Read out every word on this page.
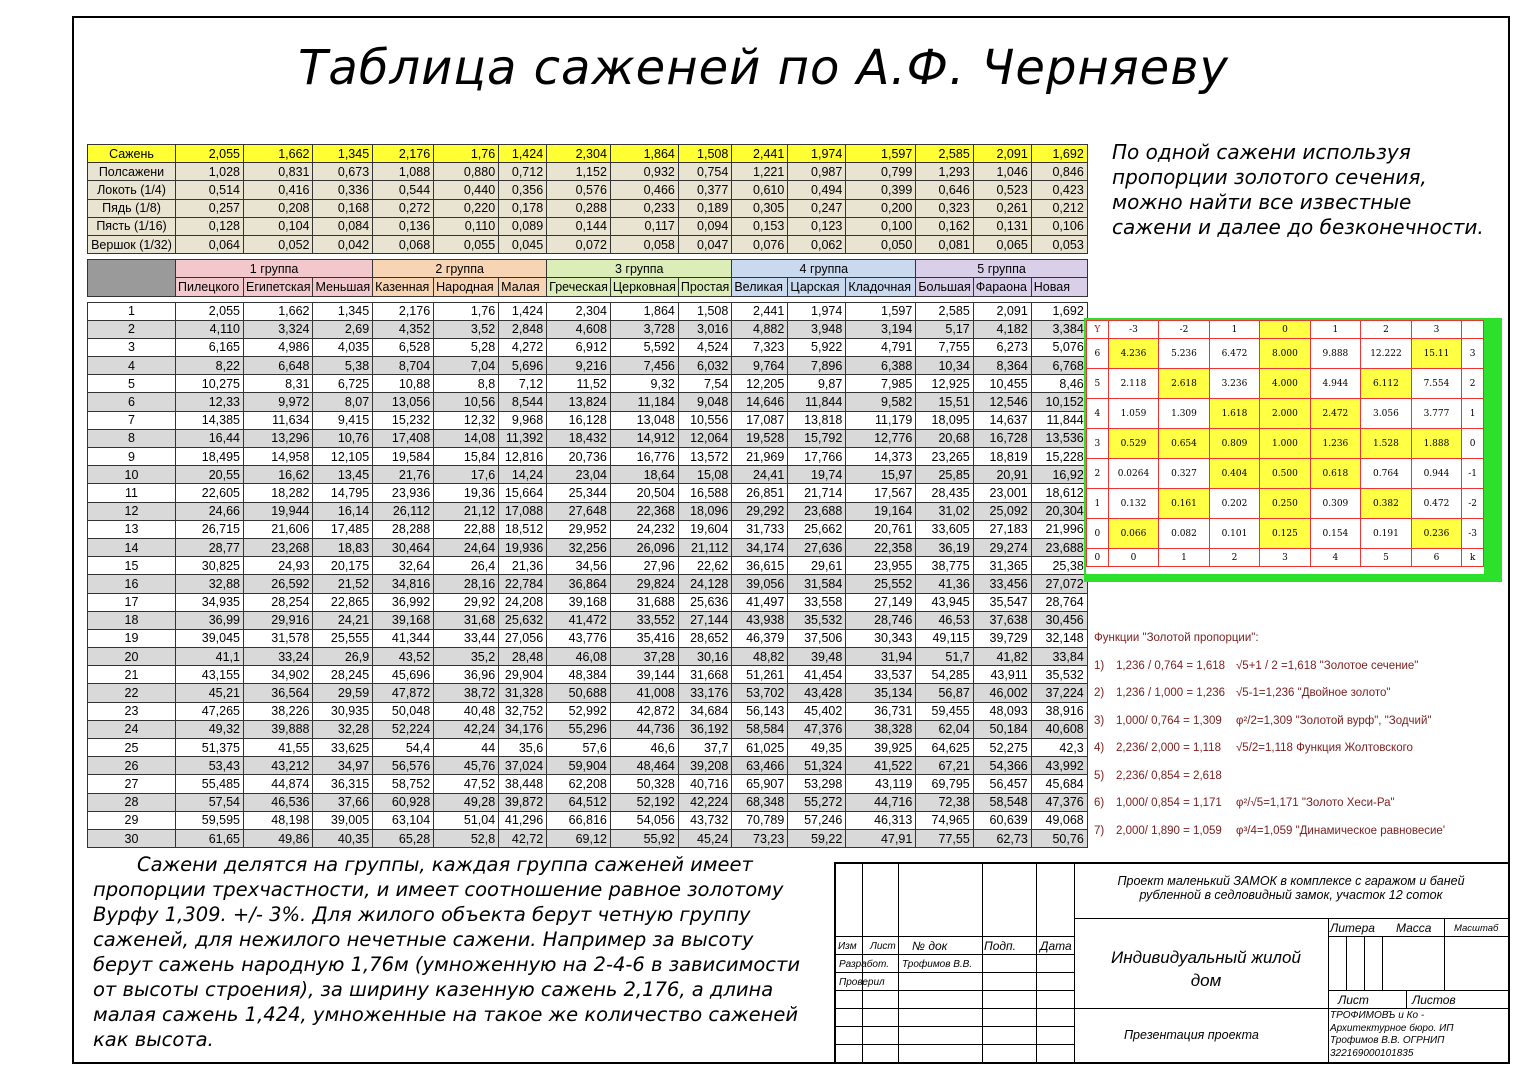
Таблица саженей по А.Ф. Черняеву
Сажень	2,055	1,662	1,345	2,176	1,76	1,424	2,304	1,864	1,508	2,441	1,974	1,597	2,585	2,091	1,692
Полсажени	1,028	0,831	0,673	1,088	0,880	0,712	1,152	0,932	0,754	1,221	0,987	0,799	1,293	1,046	0,846
Локоть (1/4)	0,514	0,416	0,336	0,544	0,440	0,356	0,576	0,466	0,377	0,610	0,494	0,399	0,646	0,523	0,423
Пядь (1/8)	0,257	0,208	0,168	0,272	0,220	0,178	0,288	0,233	0,189	0,305	0,247	0,200	0,323	0,261	0,212
Пясть (1/16)	0,128	0,104	0,084	0,136	0,110	0,089	0,144	0,117	0,094	0,153	0,123	0,100	0,162	0,131	0,106
Вершок (1/32)	0,064	0,052	0,042	0,068	0,055	0,045	0,072	0,058	0,047	0,076	0,062	0,050	0,081	0,065	0,053

	1 группа			2 группа			3 группа			4 группа			5 группа		
	Пилецкого	Египетская	Меньшая	Казенная	Народная	Малая	Греческая	Церковная	Простая	Великая	Царская	Кладочная	Большая	Фараона	Новая

1	2,055	1,662	1,345	2,176	1,76	1,424	2,304	1,864	1,508	2,441	1,974	1,597	2,585	2,091	1,692
2	4,110	3,324	2,69	4,352	3,52	2,848	4,608	3,728	3,016	4,882	3,948	3,194	5,17	4,182	3,384
3	6,165	4,986	4,035	6,528	5,28	4,272	6,912	5,592	4,524	7,323	5,922	4,791	7,755	6,273	5,076
4	8,22	6,648	5,38	8,704	7,04	5,696	9,216	7,456	6,032	9,764	7,896	6,388	10,34	8,364	6,768
5	10,275	8,31	6,725	10,88	8,8	7,12	11,52	9,32	7,54	12,205	9,87	7,985	12,925	10,455	8,46
6	12,33	9,972	8,07	13,056	10,56	8,544	13,824	11,184	9,048	14,646	11,844	9,582	15,51	12,546	10,152
7	14,385	11,634	9,415	15,232	12,32	9,968	16,128	13,048	10,556	17,087	13,818	11,179	18,095	14,637	11,844
8	16,44	13,296	10,76	17,408	14,08	11,392	18,432	14,912	12,064	19,528	15,792	12,776	20,68	16,728	13,536
9	18,495	14,958	12,105	19,584	15,84	12,816	20,736	16,776	13,572	21,969	17,766	14,373	23,265	18,819	15,228
10	20,55	16,62	13,45	21,76	17,6	14,24	23,04	18,64	15,08	24,41	19,74	15,97	25,85	20,91	16,92
11	22,605	18,282	14,795	23,936	19,36	15,664	25,344	20,504	16,588	26,851	21,714	17,567	28,435	23,001	18,612
12	24,66	19,944	16,14	26,112	21,12	17,088	27,648	22,368	18,096	29,292	23,688	19,164	31,02	25,092	20,304
13	26,715	21,606	17,485	28,288	22,88	18,512	29,952	24,232	19,604	31,733	25,662	20,761	33,605	27,183	21,996
14	28,77	23,268	18,83	30,464	24,64	19,936	32,256	26,096	21,112	34,174	27,636	22,358	36,19	29,274	23,688
15	30,825	24,93	20,175	32,64	26,4	21,36	34,56	27,96	22,62	36,615	29,61	23,955	38,775	31,365	25,38
16	32,88	26,592	21,52	34,816	28,16	22,784	36,864	29,824	24,128	39,056	31,584	25,552	41,36	33,456	27,072
17	34,935	28,254	22,865	36,992	29,92	24,208	39,168	31,688	25,636	41,497	33,558	27,149	43,945	35,547	28,764
18	36,99	29,916	24,21	39,168	31,68	25,632	41,472	33,552	27,144	43,938	35,532	28,746	46,53	37,638	30,456
19	39,045	31,578	25,555	41,344	33,44	27,056	43,776	35,416	28,652	46,379	37,506	30,343	49,115	39,729	32,148
20	41,1	33,24	26,9	43,52	35,2	28,48	46,08	37,28	30,16	48,82	39,48	31,94	51,7	41,82	33,84
21	43,155	34,902	28,245	45,696	36,96	29,904	48,384	39,144	31,668	51,261	41,454	33,537	54,285	43,911	35,532
22	45,21	36,564	29,59	47,872	38,72	31,328	50,688	41,008	33,176	53,702	43,428	35,134	56,87	46,002	37,224
23	47,265	38,226	30,935	50,048	40,48	32,752	52,992	42,872	34,684	56,143	45,402	36,731	59,455	48,093	38,916
24	49,32	39,888	32,28	52,224	42,24	34,176	55,296	44,736	36,192	58,584	47,376	38,328	62,04	50,184	40,608
25	51,375	41,55	33,625	54,4	44	35,6	57,6	46,6	37,7	61,025	49,35	39,925	64,625	52,275	42,3
26	53,43	43,212	34,97	56,576	45,76	37,024	59,904	48,464	39,208	63,466	51,324	41,522	67,21	54,366	43,992
27	55,485	44,874	36,315	58,752	47,52	38,448	62,208	50,328	40,716	65,907	53,298	43,119	69,795	56,457	45,684
28	57,54	46,536	37,66	60,928	49,28	39,872	64,512	52,192	42,224	68,348	55,272	44,716	72,38	58,548	47,376
29	59,595	48,198	39,005	63,104	51,04	41,296	66,816	54,056	43,732	70,789	57,246	46,313	74,965	60,639	49,068
30	61,65	49,86	40,35	65,28	52,8	42,72	69,12	55,92	45,24	73,23	59,22	47,91	77,55	62,73	50,76
По одной сажени используя пропорции золотого сечения, можно найти все известные сажени и далее до безконечности.
Y	-3	-2	1	0	1	2	3	
6	4.236	5.236	6.472	8.000	9.888	12.222	15.11	3
5	2.118	2.618	3.236	4.000	4.944	6.112	7.554	2
4	1.059	1.309	1.618	2.000	2.472	3.056	3.777	1
3	0.529	0.654	0.809	1.000	1.236	1.528	1.888	0
2	0.0264	0.327	0.404	0.500	0.618	0.764	0.944	-1
1	0.132	0.161	0.202	0.250	0.309	0.382	0.472	-2
0	0.066	0.082	0.101	0.125	0.154	0.191	0.236	-3
0	0	1	2	3	4	5	6	k
Функции "Золотой пропорции":
1)	1,236 / 0,764 = 1,618 √5+1 / 2 =1,618 "Золотое сечение"
2)	1,236 / 1,000 = 1,236 √5-1=1,236 "Двойное золото"
3)	1,000/ 0,764 = 1,309	φ²/2=1,309 "Золотой вурф", "Зодчий"
4)	2,236/ 2,000 = 1,118	√5/2=1,118 Функция Жолтовского
5)	2,236/ 0,854 = 2,618
6)	1,000/ 0,854 = 1,171	φ²/√5=1,171 "Золото Хеси-Ра"
7)	2,000/ 1,890 = 1,059	φ³/4=1,059 "Динамическое равновесие'
Сажени делятся на группы, каждая группа саженей имеет пропорции трехчастности, и имеет соотношение равное золотому Вурфу 1,309. +/- 3%. Для жилого объекта берут четную группу саженей, для нежилого нечетные сажени. Например за высоту берут сажень народную 1,76м (умноженную на 2-4-6 в зависимости от высоты строения), за ширину казенную сажень 2,176, а длина малая сажень 1,424, умноженные на такое же количество саженей как высота.
Проект маленький ЗАМОК в комплексе с гаражом и баней рубленной в седловидный замок, участок 12 соток
Изм Лист № док	Подп. Дата
Разработ. Трофимов В.В.
Проверил
Индивидуальный жилой дом
Литера Масса Масштаб
Лист	Листов
Презентация проекта
ТРОФИМОВЪ и Ко - Архитектурное бюро. ИП Трофимов В.В. ОГРНИП 322169000101835
